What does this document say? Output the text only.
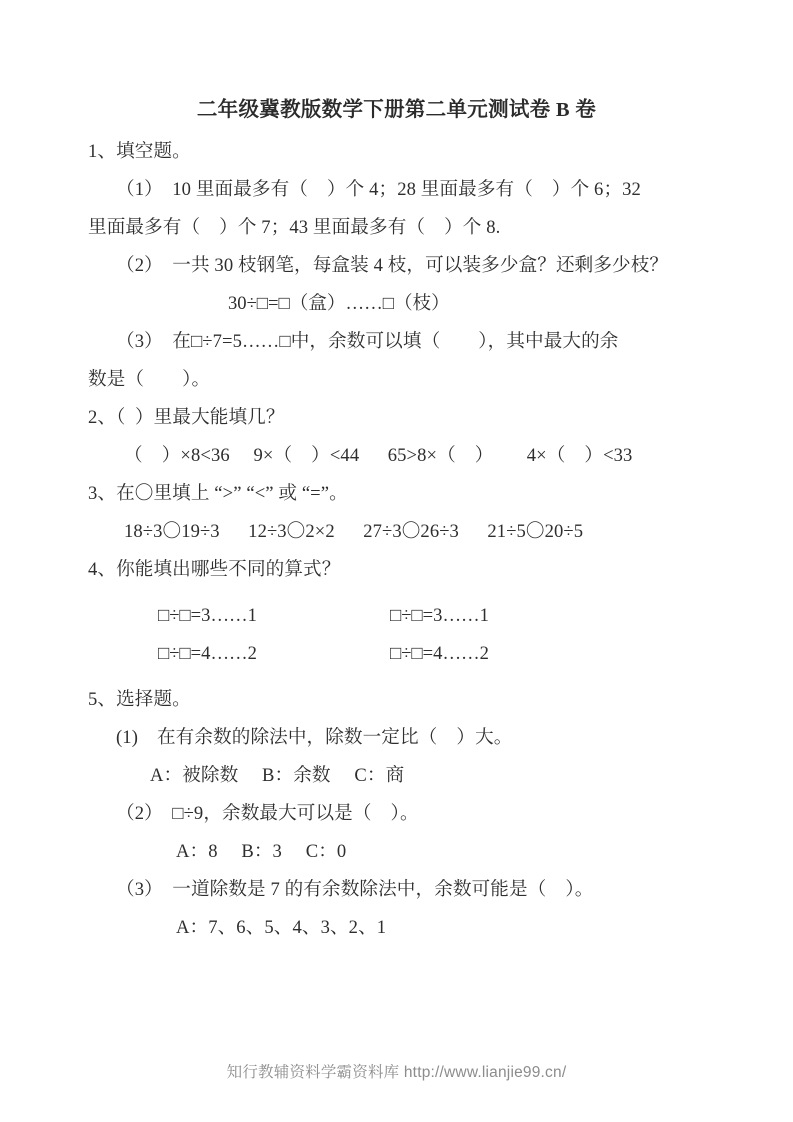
二年级冀教版数学下册第二单元测试卷 B 卷
1、填空题。
（1）  10 里面最多有（    ）个 4；28 里面最多有（    ）个 6；32
里面最多有（    ）个 7；43 里面最多有（    ）个 8.
（2）  一共 30 枝钢笔，每盒装 4 枝，可以装多少盒？还剩多少枝？
30÷□=□（盒）……□（枝）
（3）  在□÷7=5……□中，余数可以填（        ），其中最大的余
数是（        ）。
2、（  ）里最大能填几？
（    ）×8<36     9×（    ）<44      65>8×（    ）       4×（    ）<33
3、在〇里填上 “>” “<” 或 “=”。
18÷3〇19÷3      12÷3〇2×2      27÷3〇26÷3      21÷5〇20÷5
4、你能填出哪些不同的算式？
□÷□=3……1	□÷□=3……1
□÷□=4……2	□÷□=4……2
5、选择题。
(1)    在有余数的除法中，除数一定比（    ）大。
A：被除数     B：余数     C：商
（2）  □÷9，余数最大可以是（    ）。
A：8     B：3     C：0
（3）  一道除数是 7 的有余数除法中，余数可能是（    ）。
A：7、6、5、4、3、2、1
知行教辅资料学霸资料库 http://www.lianjie99.cn/
